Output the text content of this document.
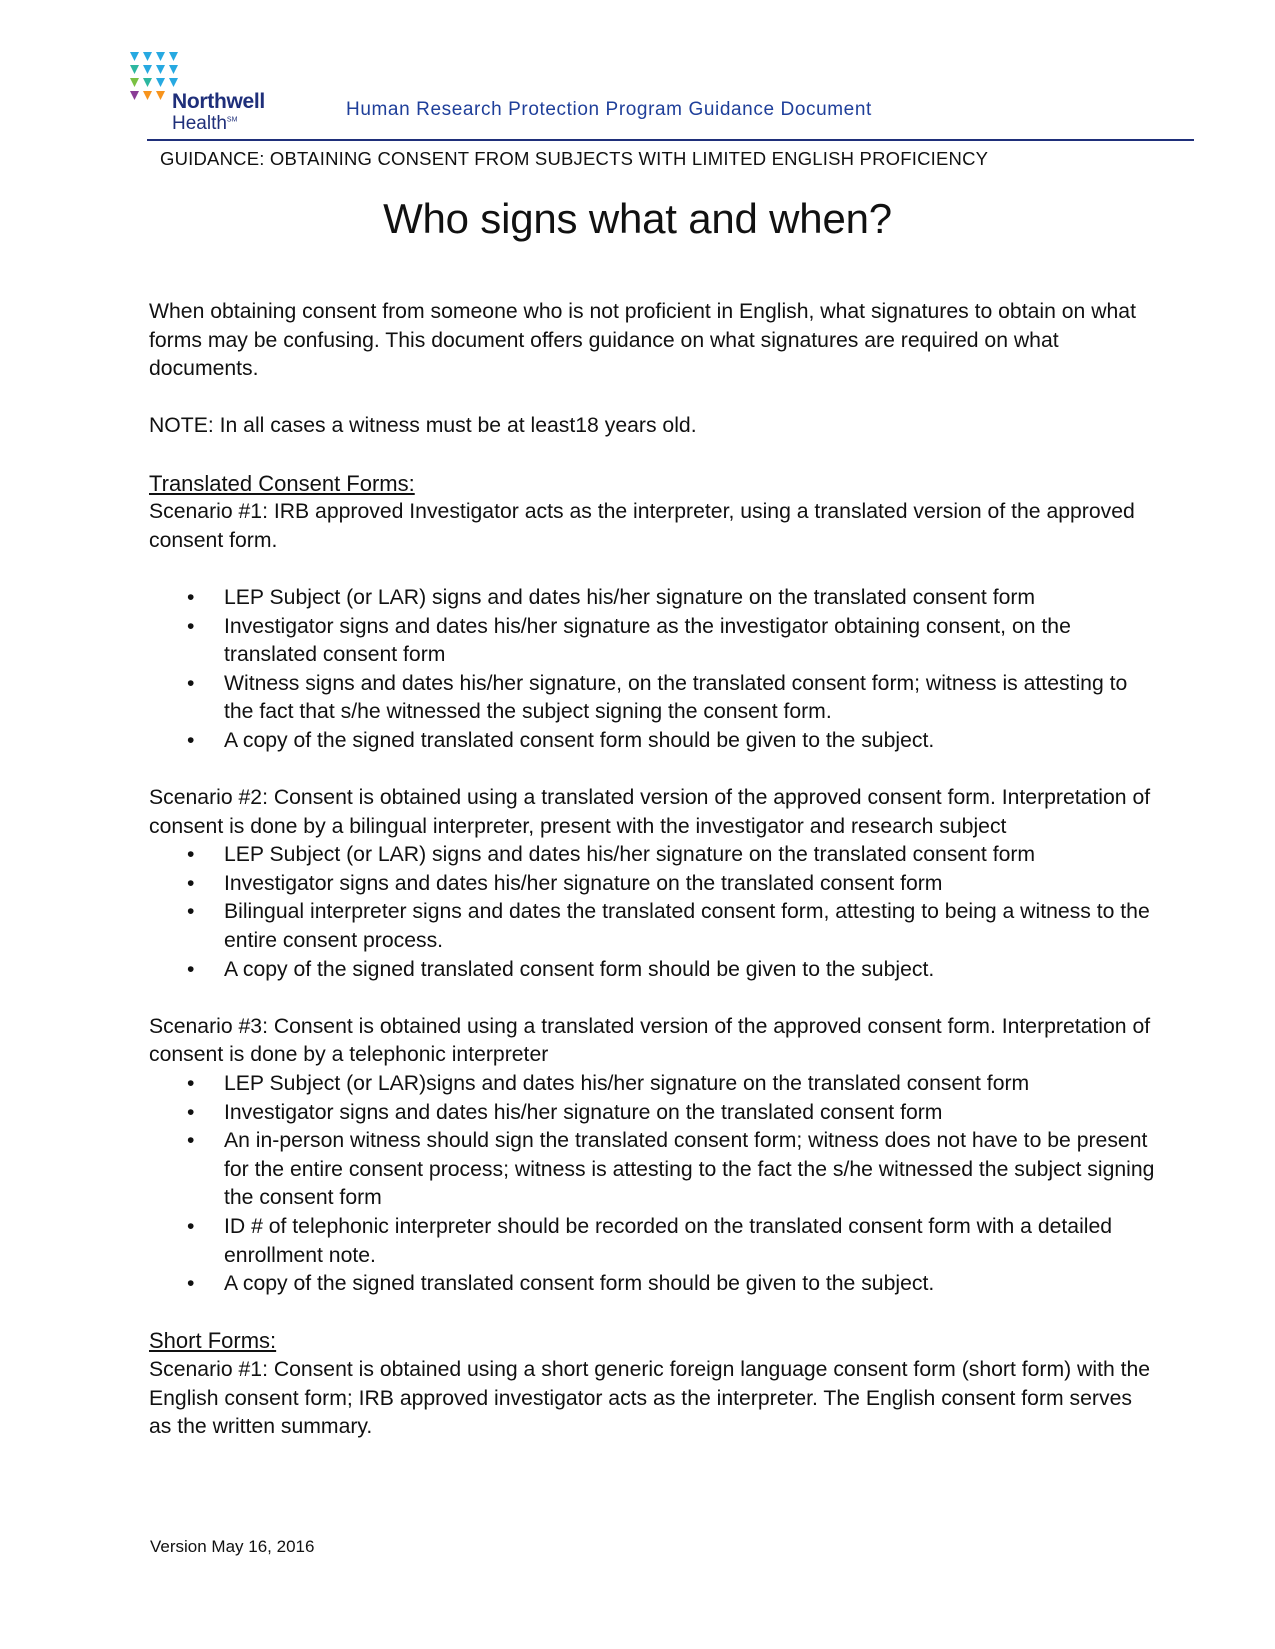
Northwell
Health℠
Human Research Protection Program Guidance Document
GUIDANCE: OBTAINING CONSENT FROM SUBJECTS WITH LIMITED ENGLISH PROFICIENCY
Who signs what and when?

When obtaining consent from someone who is not proficient in English, what signatures to obtain on what forms may be confusing. This document offers guidance on what signatures are required on what documents.

NOTE: In all cases a witness must be at least18 years old.

Translated Consent Forms:

Scenario #1: IRB approved Investigator acts as the interpreter, using a translated version of the approved consent form.

• LEP Subject (or LAR) signs and dates his/her signature on the translated consent form
• Investigator signs and dates his/her signature as the investigator obtaining consent, on the translated consent form
• Witness signs and dates his/her signature, on the translated consent form; witness is attesting to the fact that s/he witnessed the subject signing the consent form.
• A copy of the signed translated consent form should be given to the subject.

Scenario #2: Consent is obtained using a translated version of the approved consent form. Interpretation of consent is done by a bilingual interpreter, present with the investigator and research subject

• LEP Subject (or LAR) signs and dates his/her signature on the translated consent form
• Investigator signs and dates his/her signature on the translated consent form
• Bilingual interpreter signs and dates the translated consent form, attesting to being a witness to the entire consent process.
• A copy of the signed translated consent form should be given to the subject.

Scenario #3: Consent is obtained using a translated version of the approved consent form. Interpretation of consent is done by a telephonic interpreter

• LEP Subject (or LAR)signs and dates his/her signature on the translated consent form
• Investigator signs and dates his/her signature on the translated consent form
• An in-person witness should sign the translated consent form; witness does not have to be present for the entire consent process; witness is attesting to the fact the s/he witnessed the subject signing the consent form
• ID # of telephonic interpreter should be recorded on the translated consent form with a detailed enrollment note.
• A copy of the signed translated consent form should be given to the subject.

Short Forms:

Scenario #1: Consent is obtained using a short generic foreign language consent form (short form) with the English consent form; IRB approved investigator acts as the interpreter. The English consent form serves as the written summary.

Version May 16, 2016
